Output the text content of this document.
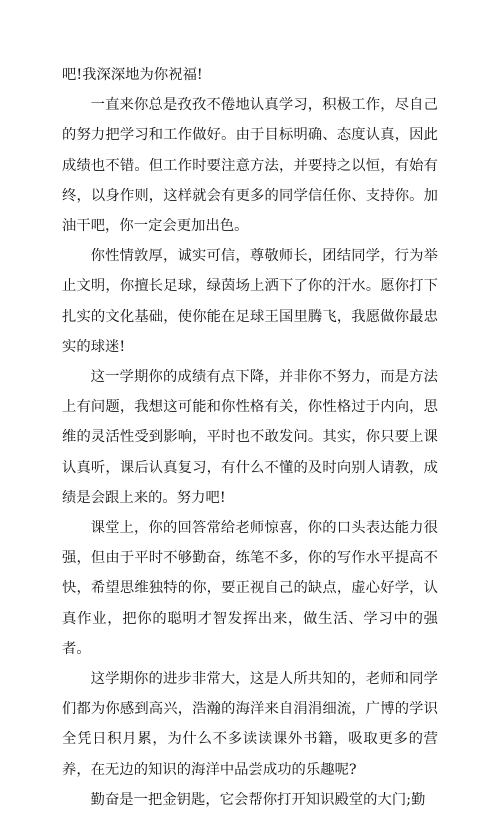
吧!我深深地为你祝福!

一直来你总是孜孜不倦地认真学习，积极工作，尽自己的努力把学习和工作做好。由于目标明确、态度认真，因此成绩也不错。但工作时要注意方法，并要持之以恒，有始有终，以身作则，这样就会有更多的同学信任你、支持你。加油干吧，你一定会更加出色。

你性情敦厚，诚实可信，尊敬师长，团结同学，行为举止文明，你擅长足球，绿茵场上洒下了你的汗水。愿你打下扎实的文化基础，使你能在足球王国里腾飞，我愿做你最忠实的球迷!

这一学期你的成绩有点下降，并非你不努力，而是方法上有问题，我想这可能和你性格有关，你性格过于内向，思维的灵活性受到影响，平时也不敢发问。其实，你只要上课认真听，课后认真复习，有什么不懂的及时向别人请教，成绩是会跟上来的。努力吧!

课堂上，你的回答常给老师惊喜，你的口头表达能力很强，但由于平时不够勤奋，练笔不多，你的写作水平提高不快，希望思维独特的你，要正视自己的缺点，虚心好学，认真作业，把你的聪明才智发挥出来，做生活、学习中的强者。

这学期你的进步非常大，这是人所共知的，老师和同学们都为你感到高兴，浩瀚的海洋来自涓涓细流，广博的学识全凭日积月累，为什么不多读读课外书籍，吸取更多的营养，在无边的知识的海洋中品尝成功的乐趣呢?

勤奋是一把金钥匙，它会帮你打开知识殿堂的大门;勤
